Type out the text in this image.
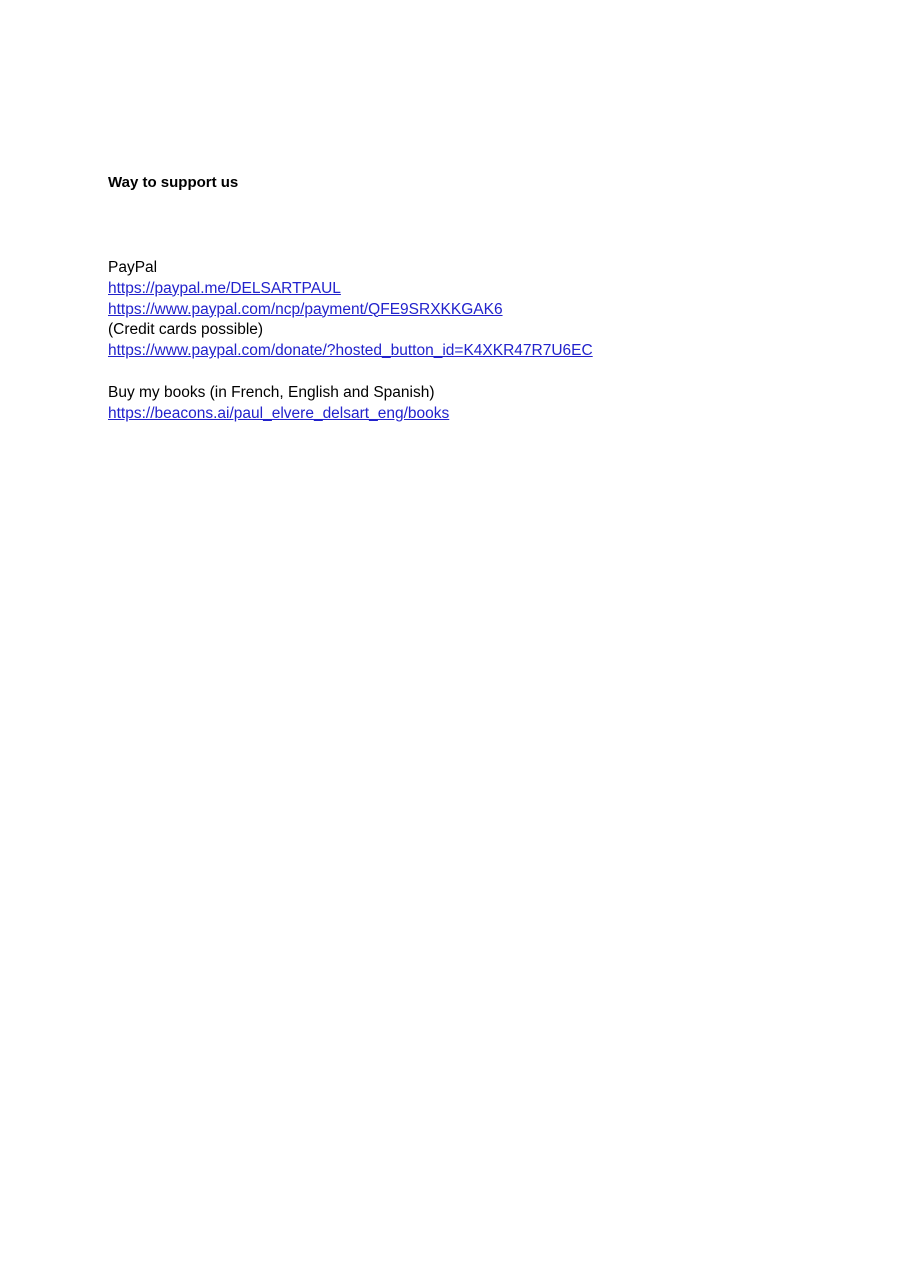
Way to support us
PayPal
https://paypal.me/DELSARTPAUL
https://www.paypal.com/ncp/payment/QFE9SRXKKGAK6
(Credit cards possible)
https://www.paypal.com/donate/?hosted_button_id=K4XKR47R7U6EC
Buy my books (in French, English and Spanish)
https://beacons.ai/paul_elvere_delsart_eng/books
